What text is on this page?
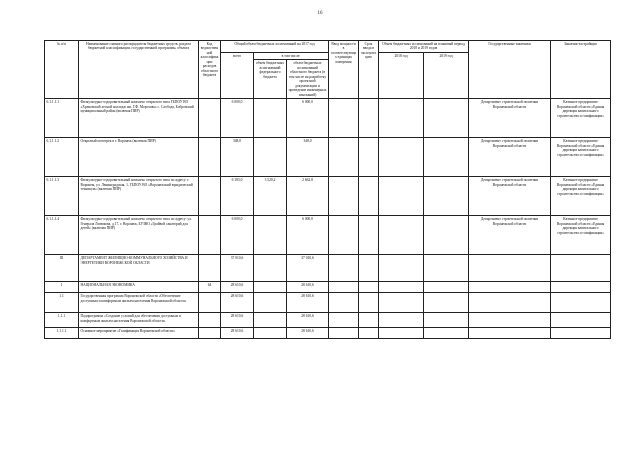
16
№ п/п	Наименование главного распорядителя бюджетных средств, раздела бюджетной классификации, государственной программы, объекта	Код ведомственной классификации расходов областного бюджета	Общий объем бюджетных ассигнований на 2017 год			Ввод мощности в соответствующих единицах измерения	Срок ввода в эксплуатацию	Объем бюджетных ассигнований на плановый период 2018 и 2019 годов		Государственные заказчики	Заказчик-застройщик
			всего	в том числе:				2018 год	2019 год		
				объем бюджетных ассигнований федерального бюджета	объем бюджетных ассигнований областного бюджета (в том числе на разработку проектной документации и проведение инженерных изысканий)						
6.1.1.1.1	Физкультурно-оздоровительный комплекс открытого типа ГБПОУ ВО «Хреновской лесной колледж им. Г.Ф. Морозова» с. Слобода, Бобровский муниципальный район (включая ПИР)		6 000,0		6 000,0					Департамент строительной политики Воронежской области	Казенное предприятие Воронежской области «Единая дирекция капитального строительства и газификации»
6.1.1.1.2	Открытый мототрек в г. Воронеж (включая ПИР)		348,0		348,0					Департамент строительной политики Воронежской области	Казенное предприятие Воронежской области «Единая дирекция капитального строительства и газификации»
6.1.1.1.3	Физкультурно-оздоровительный комплекс открытого типа по адресу: г. Воронеж, ул. Ленинградская, 1, ГБПОУ ВО «Воронежский юридический техникум» (включая ПИР)		6 183,0	3 520,2	2 662,8					Департамент строительной политики Воронежской области	Казенное предприятие Воронежской области «Единая дирекция капитального строительства и газификации»
6.1.1.1.4	Физкультурно-оздоровительный комплекс открытого типа по адресу: ул. Генерала Лизюкова, д.17, г. Воронеж, БУЗВО «Грайвой санаторий для детей» (включая ПИР)		6 000,0		6 000,0					Департамент строительной политики Воронежской области	Казенное предприятие Воронежской области «Единая дирекция капитального строительства и газификации»
III	ДЕПАРТАМЕНТ ЖИЛИЩНО-КОММУНАЛЬНОГО ХОЗЯЙСТВА И ЭНЕРГЕТИКИ ВОРОНЕЖСКОЙ ОБЛАСТИ		37 010,6		37 010,6						
1	НАЦИОНАЛЬНАЯ ЭКОНОМИКА	64	28 610,6		28 610,6						
1.1	Государственная программа Воронежской области «Обеспечение доступным и комфортным жильем населения Воронежской области»		28 610,6		28 610,6						
1.1.1	Подпрограмма «Создание условий для обеспечения доступным и комфортным жильем населения Воронежской области»		28 610,6		28 610,6						
1.1.1.1	Основное мероприятие «Газификация Воронежской области»		28 610,6		28 610,6						
